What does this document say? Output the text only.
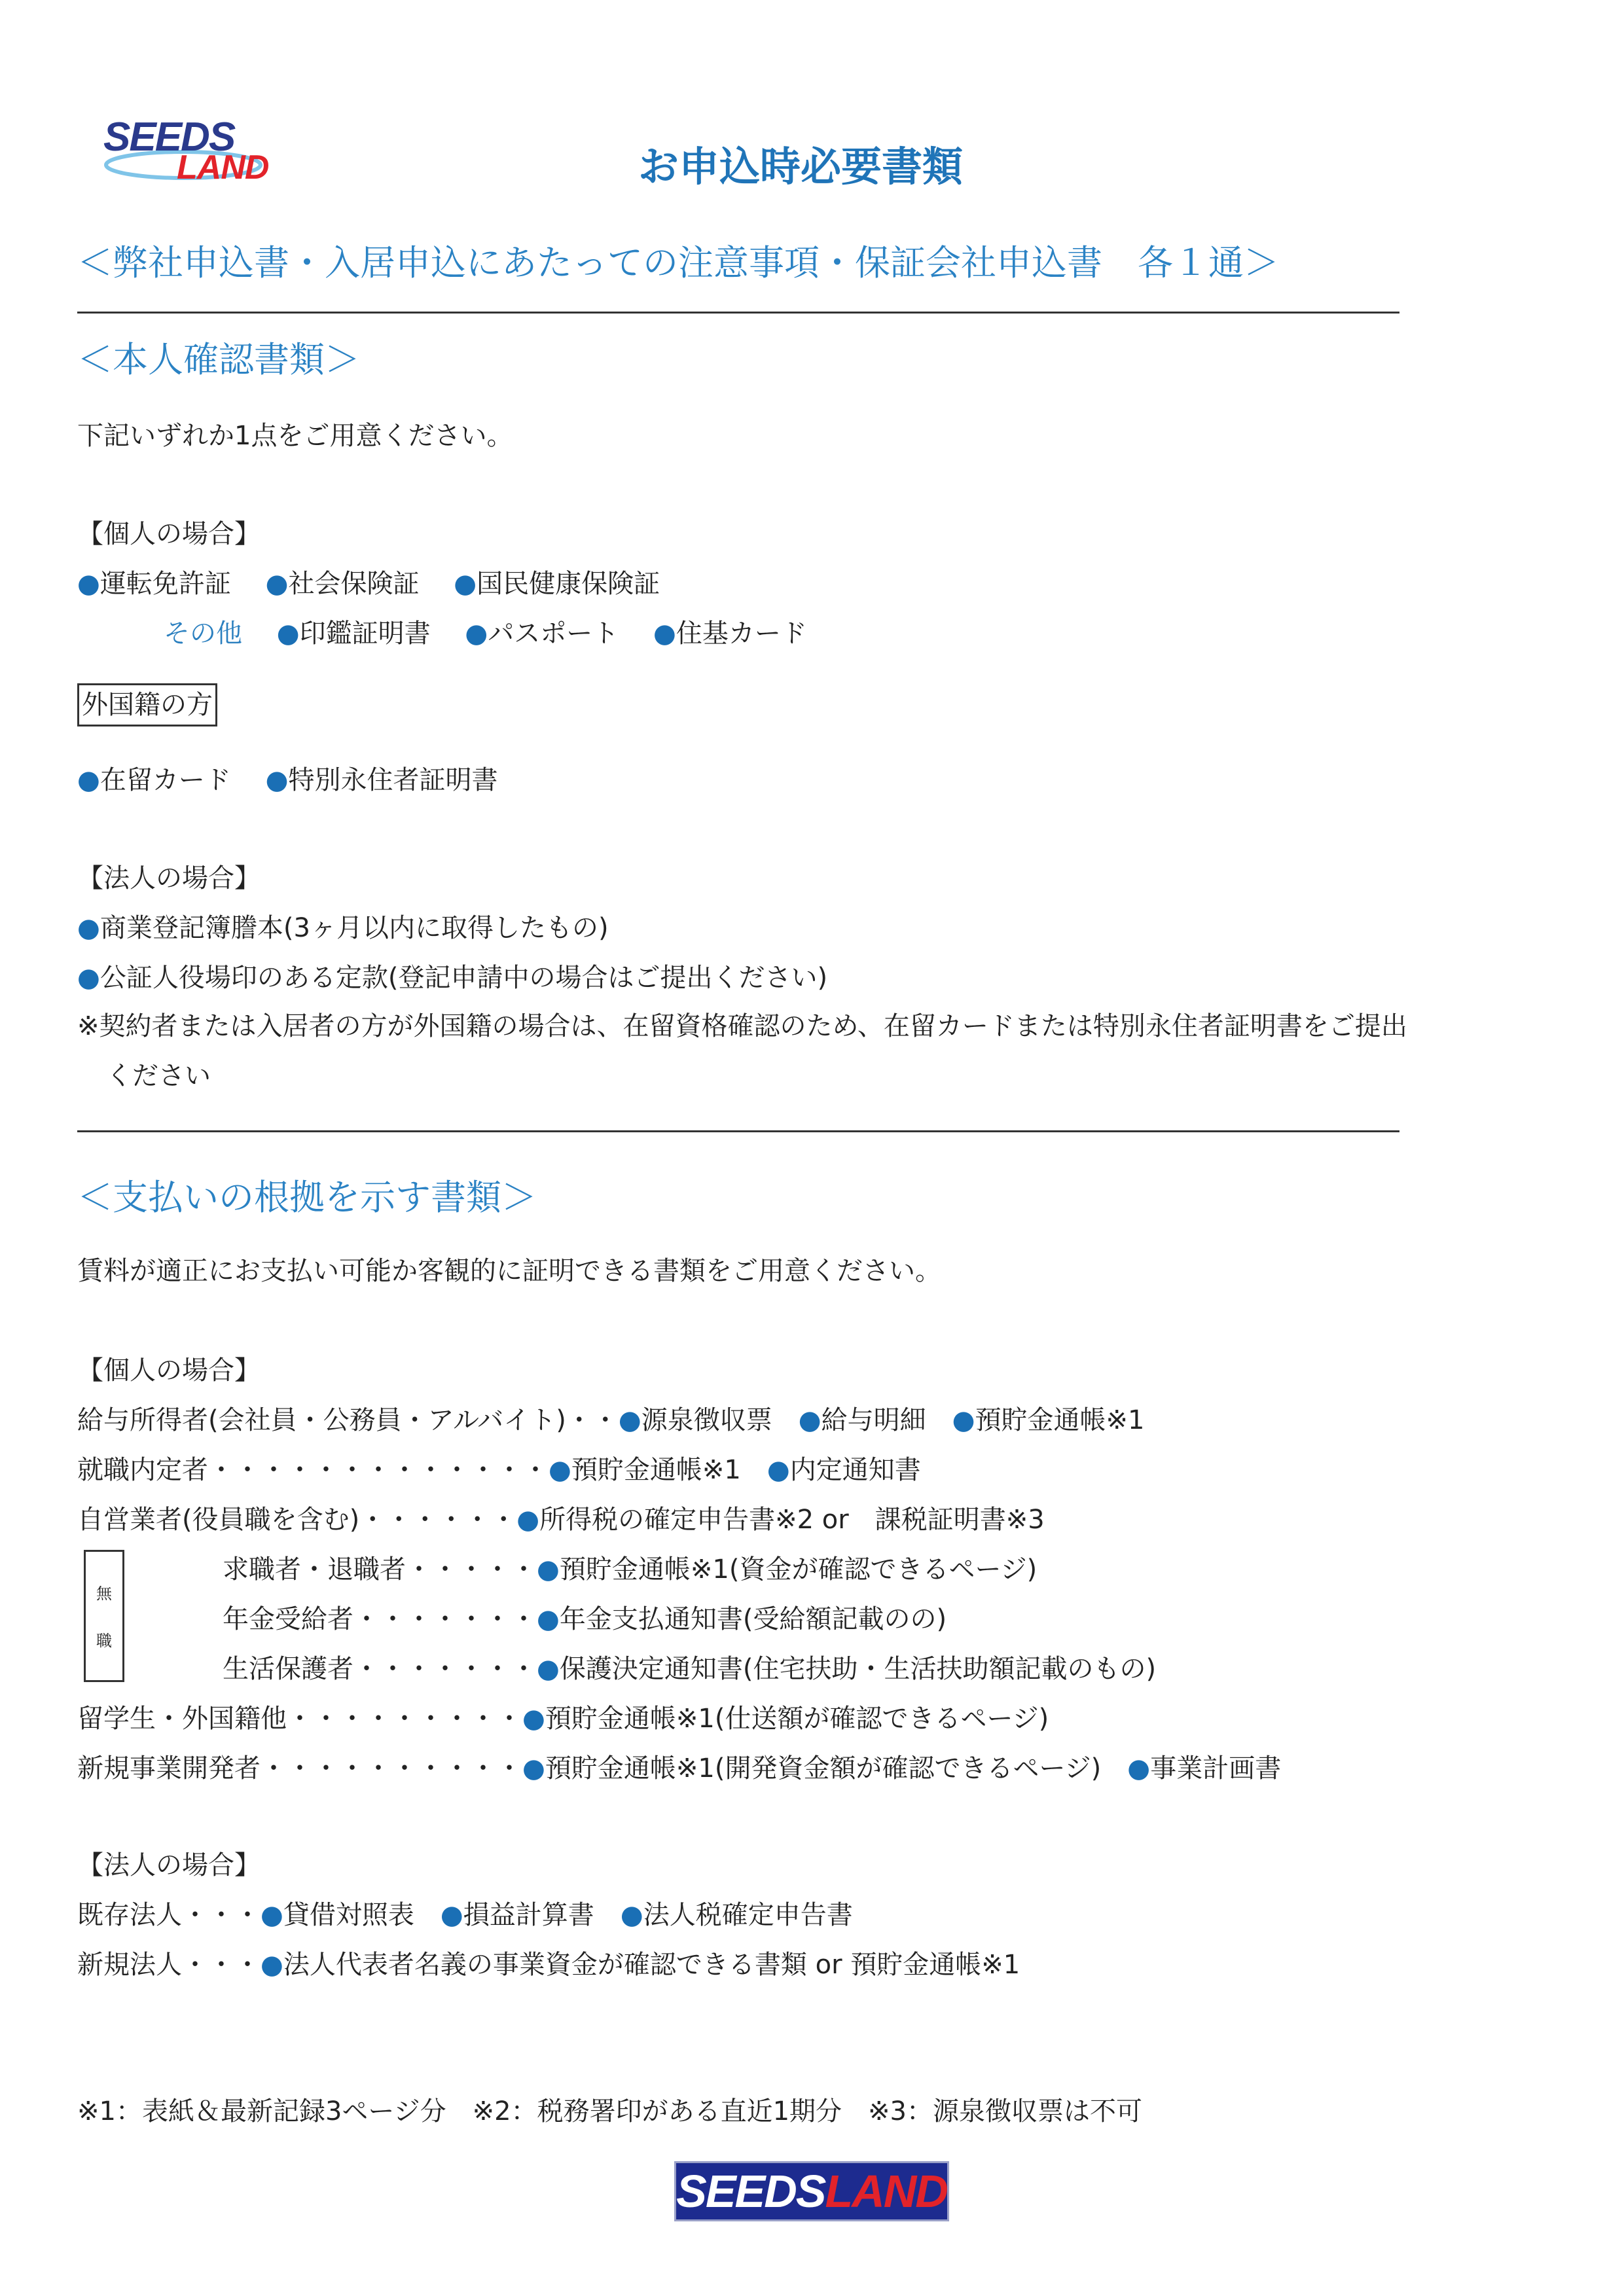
SEEDS
LAND	お申込時必要書類
＜弊社申込書・入居申込にあたっての注意事項・保証会社申込書　各１通＞
＜本人確認書類＞
下記いずれか1点をご用意ください。
【個人の場合】
●運転免許証　 ●社会保険証　 ●国民健康保険証
その他　 ●印鑑証明書　 ●パスポート　 ●住基カード
外国籍の方
●在留カード　 ●特別永住者証明書
【法人の場合】
●商業登記簿謄本(3ヶ月以内に取得したもの)
●公証人役場印のある定款(登記申請中の場合はご提出ください)
※契約者または入居者の方が外国籍の場合は、在留資格確認のため、在留カードまたは特別永住者証明書をご提出
ください
＜支払いの根拠を示す書類＞
賃料が適正にお支払い可能か客観的に証明できる書類をご用意ください。
【個人の場合】
給与所得者(会社員・公務員・アルバイト)・・●源泉徴収票　 ●給与明細　 ●預貯金通帳※1
就職内定者・・・・・・・・・・・・・●預貯金通帳※1　 ●内定通知書
自営業者(役員職を含む)・・・・・・●所得税の確定申告書※2 or　課税証明書※3
無
職
求職者・退職者・・・・・●預貯金通帳※1(資金が確認できるページ)
年金受給者・・・・・・・●年金支払通知書(受給額記載のの)
生活保護者・・・・・・・●保護決定通知書(住宅扶助・生活扶助額記載のもの)
留学生・外国籍他・・・・・・・・・●預貯金通帳※1(仕送額が確認できるページ)
新規事業開発者・・・・・・・・・・●預貯金通帳※1(開発資金額が確認できるページ)　 ●事業計画書
【法人の場合】
既存法人・・・●貸借対照表　 ●損益計算書　 ●法人税確定申告書
新規法人・・・●法人代表者名義の事業資金が確認できる書類 or 預貯金通帳※1
※1：表紙＆最新記録3ページ分　※2：税務署印がある直近1期分　※3：源泉徴収票は不可
SEEDSLAND
